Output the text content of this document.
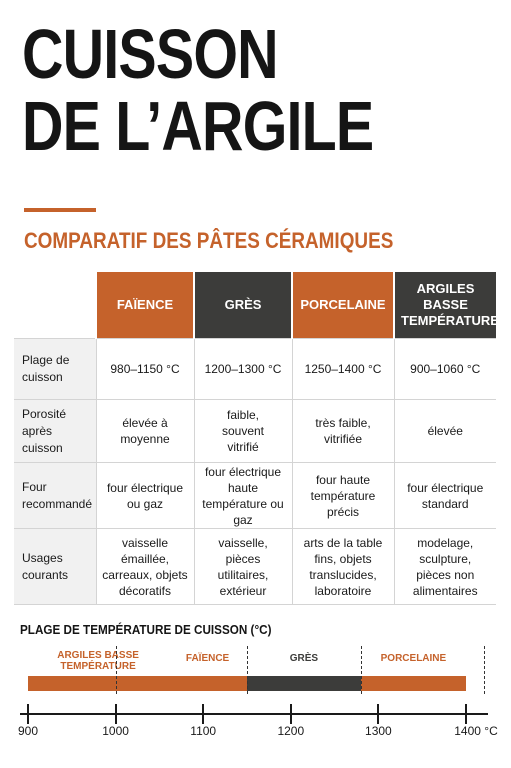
CUISSON
DE L’ARGILE
COMPARATIF DES PÂTES CÉRAMIQUES
	FAÏENCE	GRÈS	PORCELAINE	ARGILES BASSE TEMPÉRATURE
Plage de cuisson	980–1150 °C	1200–1300 °C	1250–1400 °C	900–1060 °C
Porosité après cuisson	élevée à moyenne	faible, souvent vitrifié	très faible, vitrifiée	élevée
Four recommandé	four électrique ou gaz	four électrique haute température ou gaz	four haute température précis	four électrique standard
Usages courants	vaisselle émaillée, carreaux, objets décoratifs	vaisselle, pièces utilitaires, extérieur	arts de la table fins, objets translucides, laboratoire	modelage, sculpture, pièces non alimentaires
PLAGE DE TEMPÉRATURE DE CUISSON (°C)
ARGILES BASSE TEMPÉRATURE
FAÏENCE	GRÈS	PORCELAINE
900	1000	1100	1200	1300	1400 °C
